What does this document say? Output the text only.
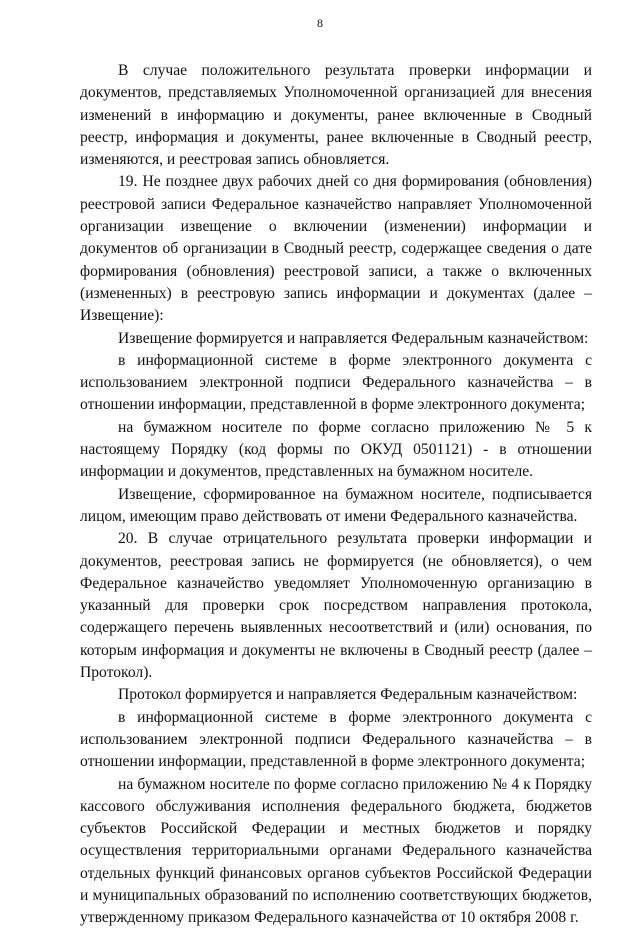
8

В случае положительного результата проверки информации и документов, представляемых Уполномоченной организацией для внесения изменений в информацию и документы, ранее включенные в Сводный реестр, информация и документы, ранее включенные в Сводный реестр, изменяются, и реестровая запись обновляется.

19. Не позднее двух рабочих дней со дня формирования (обновления) реестровой записи Федеральное казначейство направляет Уполномоченной организации извещение о включении (изменении) информации и документов об организации в Сводный реестр, содержащее сведения о дате формирования (обновления) реестровой записи, а также о включенных (измененных) в реестровую запись информации и документах (далее – Извещение):

Извещение формируется и направляется Федеральным казначейством:

в информационной системе в форме электронного документа с использованием электронной подписи Федерального казначейства – в отношении информации, представленной в форме электронного документа;

на бумажном носителе по форме согласно приложению № 5 к настоящему Порядку (код формы по ОКУД 0501121) - в отношении информации и документов, представленных на бумажном носителе.

Извещение, сформированное на бумажном носителе, подписывается лицом, имеющим право действовать от имени Федерального казначейства.

20. В случае отрицательного результата проверки информации и документов, реестровая запись не формируется (не обновляется), о чем Федеральное казначейство уведомляет Уполномоченную организацию в указанный для проверки срок посредством направления протокола, содержащего перечень выявленных несоответствий и (или) основания, по которым информация и документы не включены в Сводный реестр (далее – Протокол).

Протокол формируется и направляется Федеральным казначейством:

в информационной системе в форме электронного документа с использованием электронной подписи Федерального казначейства – в отношении информации, представленной в форме электронного документа;

на бумажном носителе по форме согласно приложению № 4 к Порядку кассового обслуживания исполнения федерального бюджета, бюджетов субъектов Российской Федерации и местных бюджетов и порядку осуществления территориальными органами Федерального казначейства отдельных функций финансовых органов субъектов Российской Федерации и муниципальных образований по исполнению соответствующих бюджетов, утвержденному приказом Федерального казначейства от 10 октября 2008 г.
